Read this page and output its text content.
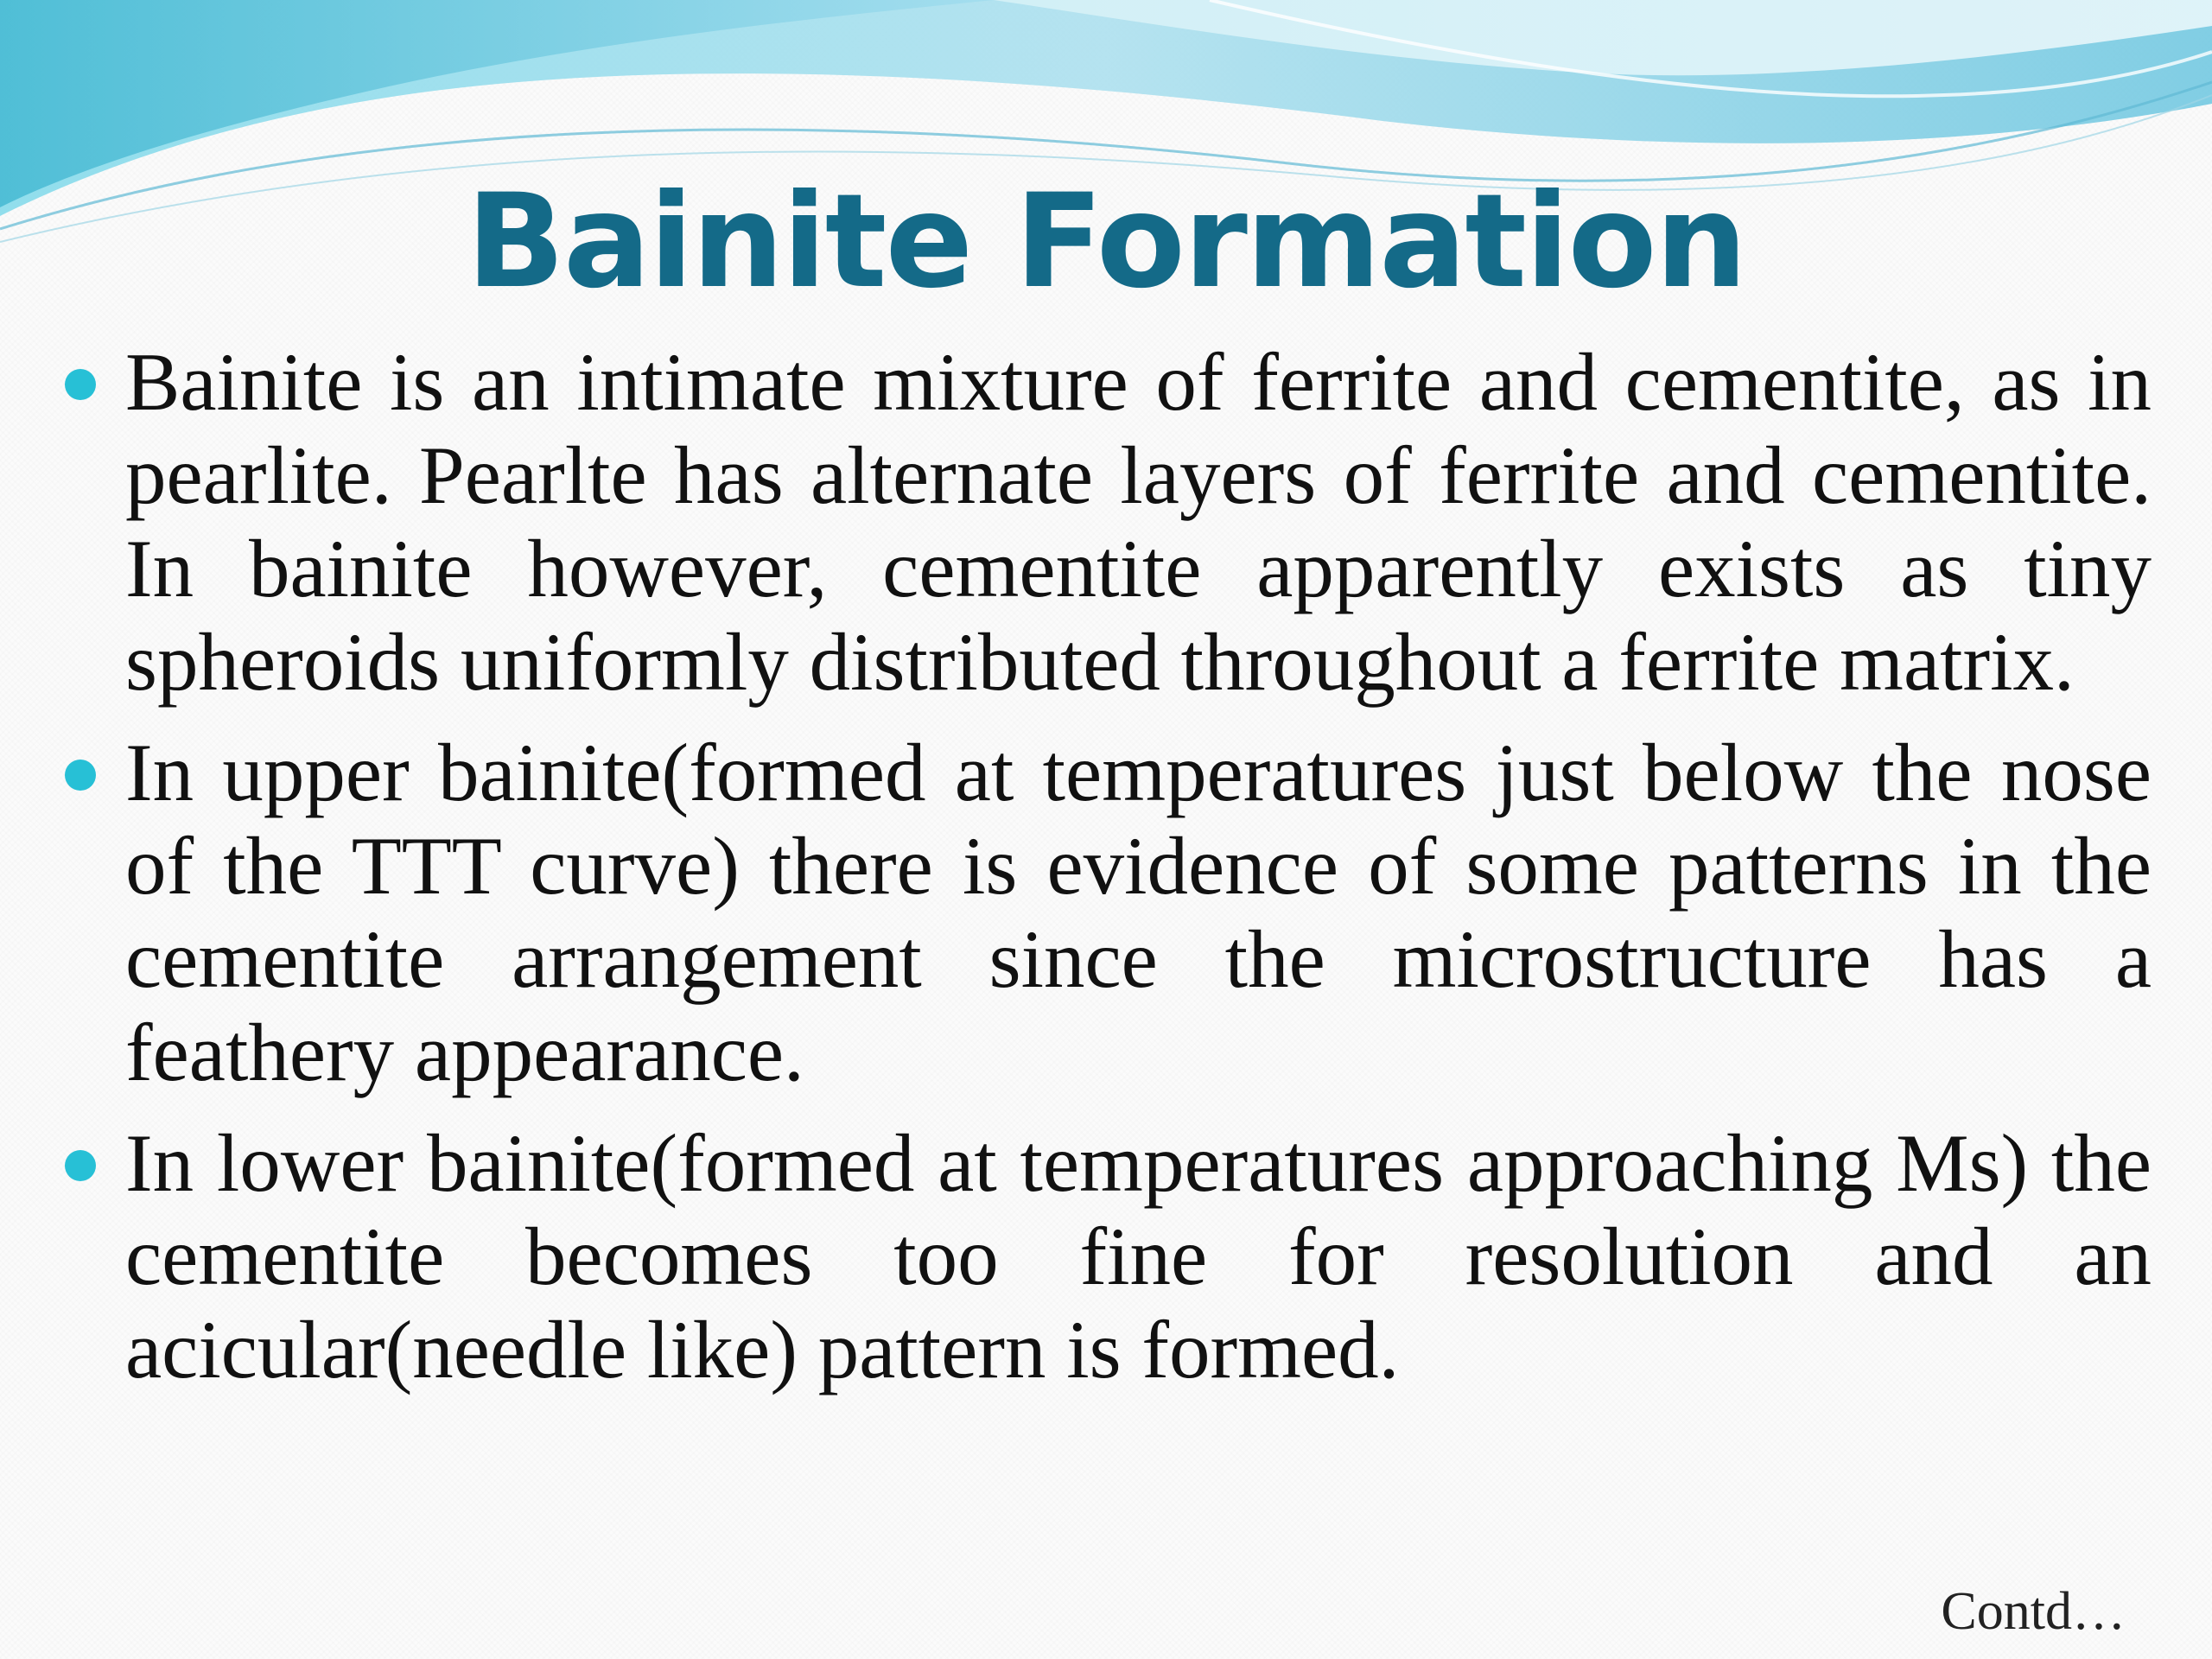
Bainite Formation
Bainite is an intimate mixture of ferrite and cementite, as in pearlite. Pearlte has alternate layers of ferrite and cementite. In bainite however, cementite apparently exists as tiny spheroids uniformly distributed throughout a ferrite matrix.
In upper bainite(formed at temperatures just below the nose of the TTT curve) there is evidence of some patterns in the cementite arrangement since the microstructure has a feathery appearance.
In lower bainite(formed at temperatures approaching Ms) the cementite becomes too fine for resolution and an acicular(needle like) pattern is formed.
Contd…
